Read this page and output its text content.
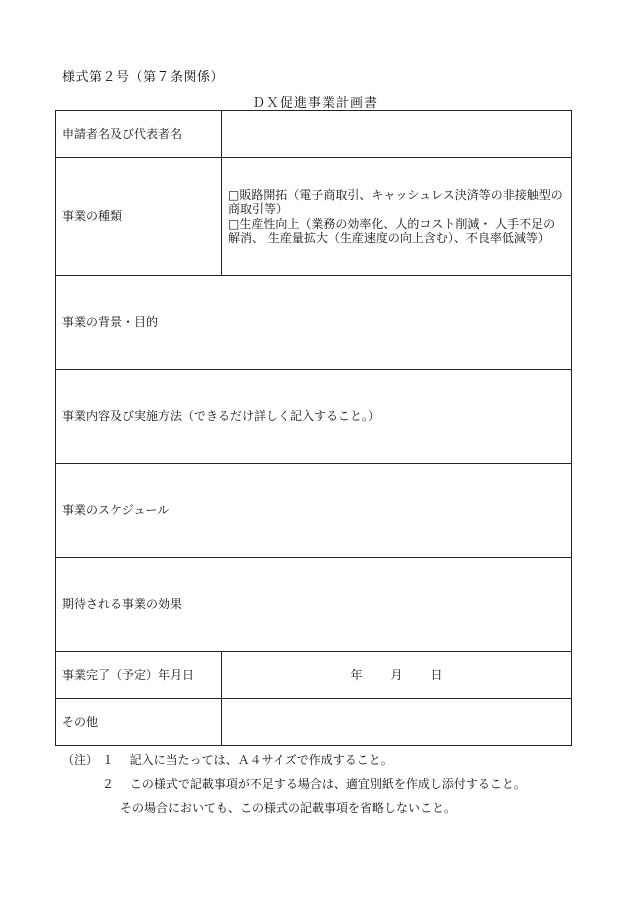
様式第２号（第７条関係）
ＤＸ促進事業計画書
申請者名及び代表者名	
事業の種類	□販路開拓（電子商取引、キャッシュレス決済等の非接触型の商取引等）
□生産性向上（業務の効率化、人的コスト削減・ 人手不足の解消、 生産量拡大（生産速度の向上含む）、不良率低減等）

事業の背景・目的	
事業内容及び実施方法（できるだけ詳しく記入すること。）	
事業のスケジュール	
期待される事業の効果	
事業完了（予定）年月日	年 月 日
その他	
（注） １ 記入に当たっては、Ａ４サイズで作成すること。
２ この様式で記載事項が不足する場合は、適宜別紙を作成し添付すること。
その場合においても、この様式の記載事項を省略しないこと。
